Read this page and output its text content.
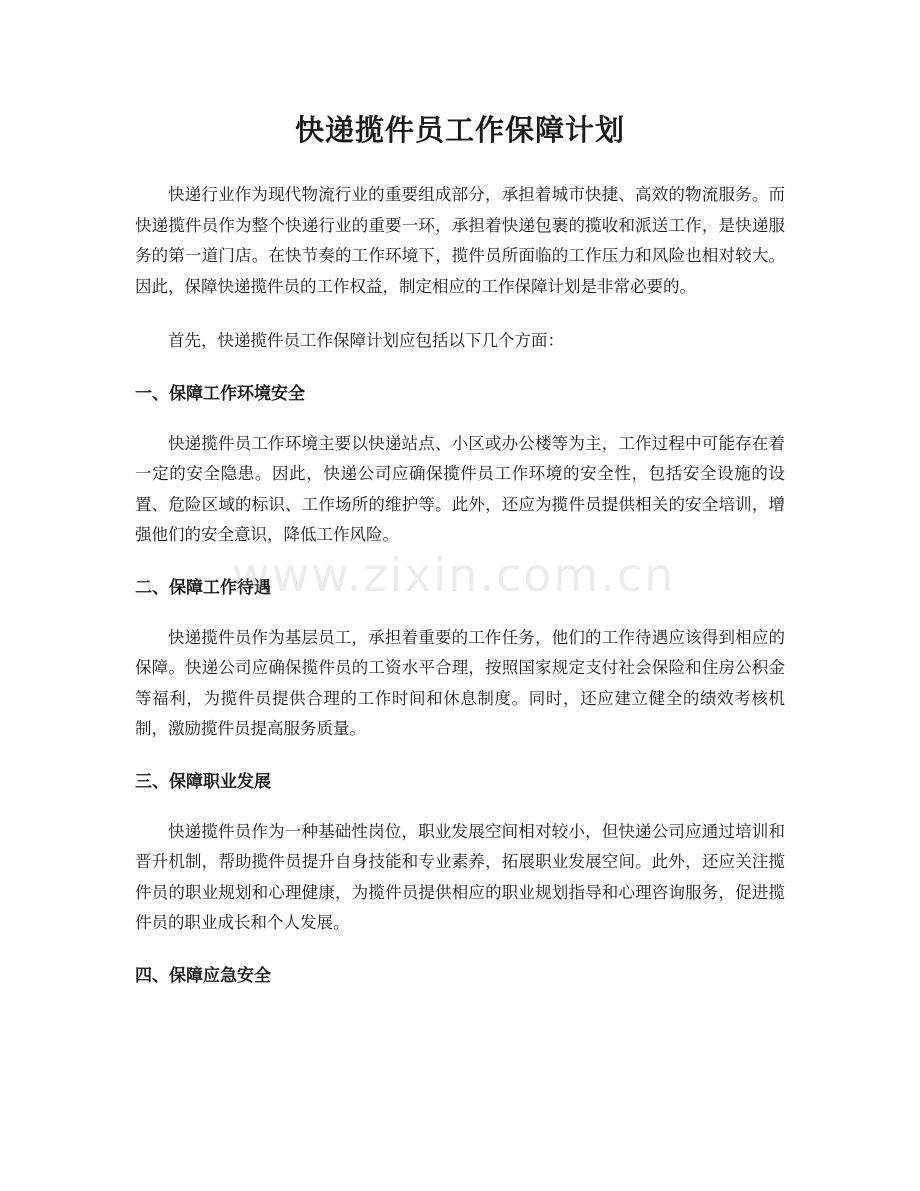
快递揽件员工作保障计划

快递行业作为现代物流行业的重要组成部分，承担着城市快捷、高效的物流服务。而快递揽件员作为整个快递行业的重要一环，承担着快递包裹的揽收和派送工作，是快递服务的第一道门店。在快节奏的工作环境下，揽件员所面临的工作压力和风险也相对较大。因此，保障快递揽件员的工作权益，制定相应的工作保障计划是非常必要的。

首先，快递揽件员工作保障计划应包括以下几个方面：

一、保障工作环境安全

快递揽件员工作环境主要以快递站点、小区或办公楼等为主，工作过程中可能存在着一定的安全隐患。因此，快递公司应确保揽件员工作环境的安全性，包括安全设施的设置、危险区域的标识、工作场所的维护等。此外，还应为揽件员提供相关的安全培训，增强他们的安全意识，降低工作风险。

二、保障工作待遇

快递揽件员作为基层员工，承担着重要的工作任务，他们的工作待遇应该得到相应的保障。快递公司应确保揽件员的工资水平合理，按照国家规定支付社会保险和住房公积金等福利，为揽件员提供合理的工作时间和休息制度。同时，还应建立健全的绩效考核机制，激励揽件员提高服务质量。

三、保障职业发展

快递揽件员作为一种基础性岗位，职业发展空间相对较小，但快递公司应通过培训和晋升机制，帮助揽件员提升自身技能和专业素养，拓展职业发展空间。此外，还应关注揽件员的职业规划和心理健康，为揽件员提供相应的职业规划指导和心理咨询服务，促进揽件员的职业成长和个人发展。

四、保障应急安全
www.zixin.com.cn
